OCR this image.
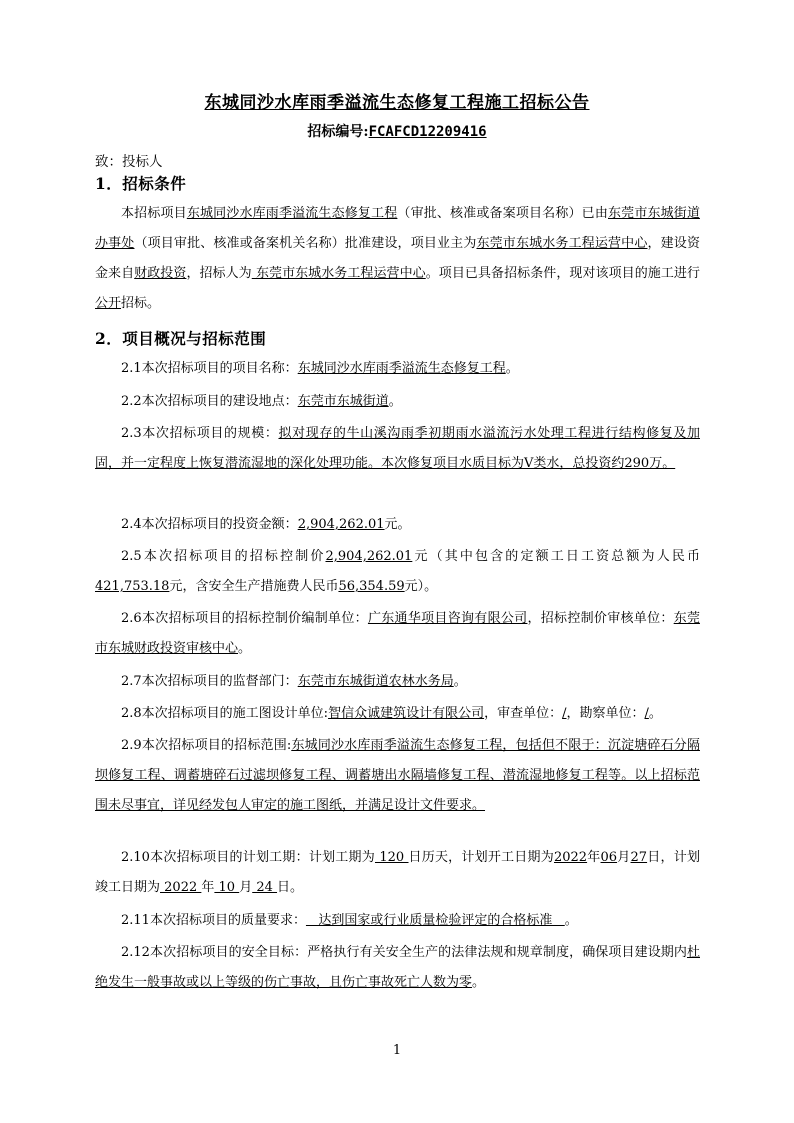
东城同沙水库雨季溢流生态修复工程施工招标公告
招标编号:FCAFCD12209416
致：投标人
1．招标条件
本招标项目东城同沙水库雨季溢流生态修复工程（审批、核准或备案项目名称）已由东莞市东城街道办事处（项目审批、核准或备案机关名称）批准建设，项目业主为东莞市东城水务工程运营中心，建设资金来自财政投资，招标人为 东莞市东城水务工程运营中心。项目已具备招标条件，现对该项目的施工进行公开招标。
2．项目概况与招标范围
2.1本次招标项目的项目名称：东城同沙水库雨季溢流生态修复工程。
2.2本次招标项目的建设地点：东莞市东城街道。
2.3本次招标项目的规模：拟对现存的牛山溪沟雨季初期雨水溢流污水处理工程进行结构修复及加固，并一定程度上恢复潜流湿地的深化处理功能。本次修复项目水质目标为Ⅴ类水，总投资约290万。
2.4本次招标项目的投资金额：2,904,262.01元。
2.5本次招标项目的招标控制价2,904,262.01元（其中包含的定额工日工资总额为人民币421,753.18元，含安全生产措施费人民币56,354.59元）。
2.6本次招标项目的招标控制价编制单位：广东通华项目咨询有限公司，招标控制价审核单位：东莞市东城财政投资审核中心。
2.7本次招标项目的监督部门：东莞市东城街道农林水务局。
2.8本次招标项目的施工图设计单位:智信众诚建筑设计有限公司，审查单位：/，勘察单位：/。
2.9本次招标项目的招标范围:东城同沙水库雨季溢流生态修复工程，包括但不限于：沉淀塘碎石分隔坝修复工程、调蓄塘碎石过滤坝修复工程、调蓄塘出水隔墙修复工程、潜流湿地修复工程等。以上招标范围未尽事宜，详见经发包人审定的施工图纸，并满足设计文件要求。
2.10本次招标项目的计划工期：计划工期为 120 日历天，计划开工日期为2022年06月27日，计划竣工日期为 2022 年 10 月 24 日。
2.11本次招标项目的质量要求：   达到国家或行业质量检验评定的合格标准   。
2.12本次招标项目的安全目标：严格执行有关安全生产的法律法规和规章制度，确保项目建设期内杜绝发生一般事故或以上等级的伤亡事故，且伤亡事故死亡人数为零。
1
